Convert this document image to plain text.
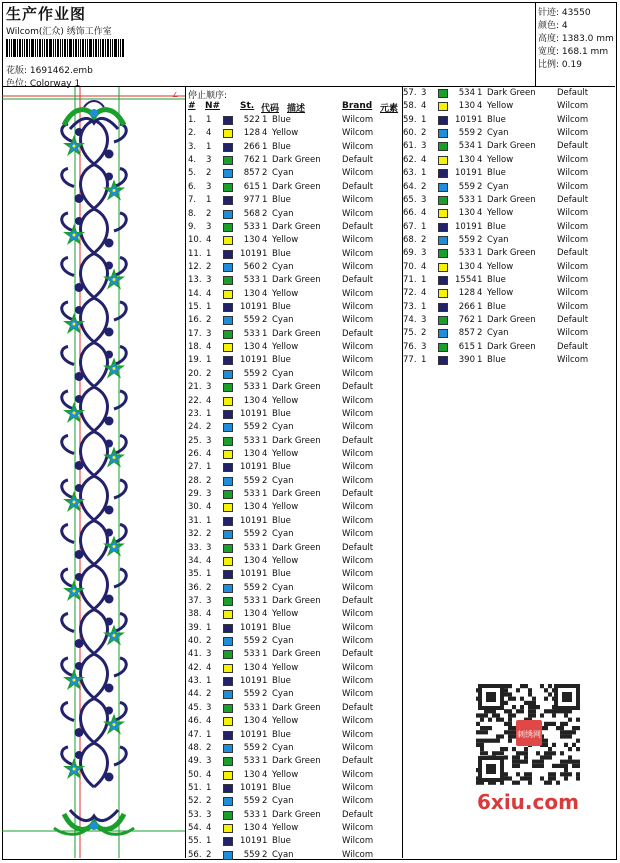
生产作业图
Wilcom(汇众) 绣饰工作室
花版: 1691462.emb
色位: Colorway 1
针迹: 43550
颜色: 4
高度: 1383.0 mm
宽度: 168.1 mm
比例: 0.19
∠ 停止顺序:
# N# St. 代码 描述	Brand 元素
1. 1	522 1 Blue	Wilcom
2. 4	128 4 Yellow	Wilcom
3. 1	266 1 Blue	Wilcom
4. 3	762 1 Dark Green	Default
5. 2	857 2 Cyan	Wilcom
6. 3	615 1 Dark Green	Default
7. 1	977 1 Blue	Wilcom
8. 2	568 2 Cyan	Wilcom
9. 3	533 1 Dark Green	Default
10. 4	130 4 Yellow	Wilcom
11. 1	1019 1 Blue	Wilcom
12. 2	560 2 Cyan	Wilcom
13. 3	533 1 Dark Green	Default
14. 4	130 4 Yellow	Wilcom
15. 1	1019 1 Blue	Wilcom
16. 2	559 2 Cyan	Wilcom
17. 3	533 1 Dark Green	Default
18. 4	130 4 Yellow	Wilcom
19. 1	1019 1 Blue	Wilcom
20. 2	559 2 Cyan	Wilcom
21. 3	533 1 Dark Green	Default
22. 4	130 4 Yellow	Wilcom
23. 1	1019 1 Blue	Wilcom
24. 2	559 2 Cyan	Wilcom
25. 3	533 1 Dark Green	Default
26. 4	130 4 Yellow	Wilcom
27. 1	1019 1 Blue	Wilcom
28. 2	559 2 Cyan	Wilcom
29. 3	533 1 Dark Green	Default
30. 4	130 4 Yellow	Wilcom
31. 1	1019 1 Blue	Wilcom
32. 2	559 2 Cyan	Wilcom
33. 3	533 1 Dark Green	Default
34. 4	130 4 Yellow	Wilcom
35. 1	1019 1 Blue	Wilcom
36. 2	559 2 Cyan	Wilcom
37. 3	533 1 Dark Green	Default
38. 4	130 4 Yellow	Wilcom
39. 1	1019 1 Blue	Wilcom
40. 2	559 2 Cyan	Wilcom
41. 3	533 1 Dark Green	Default
42. 4	130 4 Yellow	Wilcom
43. 1	1019 1 Blue	Wilcom
44. 2	559 2 Cyan	Wilcom
45. 3	533 1 Dark Green	Default
46. 4	130 4 Yellow	Wilcom
47. 1	1019 1 Blue	Wilcom
48. 2	559 2 Cyan	Wilcom
49. 3	533 1 Dark Green	Default
50. 4	130 4 Yellow	Wilcom
51. 1	1019 1 Blue	Wilcom
52. 2	559 2 Cyan	Wilcom
53. 3	533 1 Dark Green	Default
54. 4	130 4 Yellow	Wilcom
55. 1	1019 1 Blue	Wilcom
56. 2	559 2 Cyan	Wilcom
57. 3	534 1 Dark Green	Default
58. 4	130 4 Yellow	Wilcom
59. 1	1019 1 Blue	Wilcom
60. 2	559 2 Cyan	Wilcom
61. 3	534 1 Dark Green	Default
62. 4	130 4 Yellow	Wilcom
63. 1	1019 1 Blue	Wilcom
64. 2	559 2 Cyan	Wilcom
65. 3	533 1 Dark Green	Default
66. 4	130 4 Yellow	Wilcom
67. 1	1019 1 Blue	Wilcom
68. 2	559 2 Cyan	Wilcom
69. 3	533 1 Dark Green	Default
70. 4	130 4 Yellow	Wilcom
71. 1	1554 1 Blue	Wilcom
72. 4	128 4 Yellow	Wilcom
73. 1	266 1 Blue	Wilcom
74. 3	762 1 Dark Green	Default
75. 2	857 2 Cyan	Wilcom
76. 3	615 1 Dark Green	Default
77. 1	390 1 Blue	Wilcom
刺绣网
6xiu.com
